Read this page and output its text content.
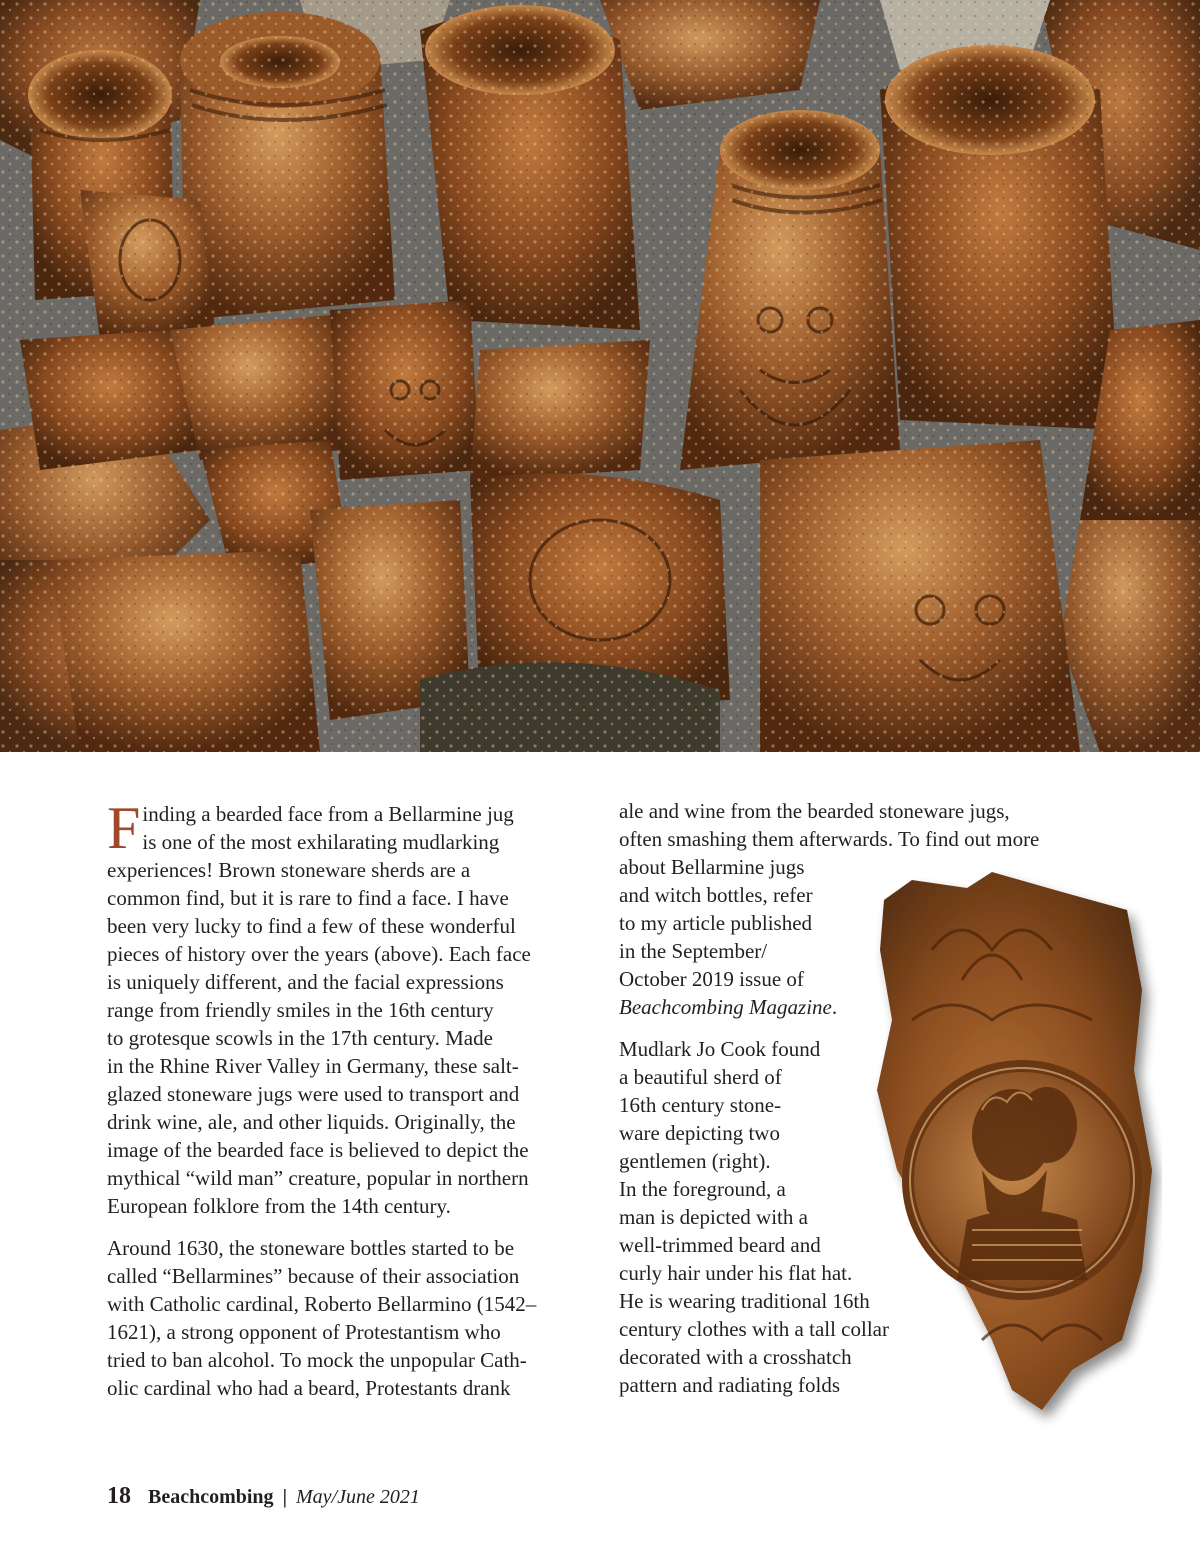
F inding a bearded face from a Bellarmine jug
is one of the most exhilarating mudlarking
experiences! Brown stoneware sherds are a
common find, but it is rare to find a face. I have
been very lucky to find a few of these wonderful
pieces of history over the years (above). Each face
is uniquely different, and the facial expressions
range from friendly smiles in the 16th century
to grotesque scowls in the 17th century. Made
in the Rhine River Valley in Germany, these salt-
glazed stoneware jugs were used to transport and
drink wine, ale, and other liquids. Originally, the
image of the bearded face is believed to depict the
mythical “wild man” creature, popular in northern
European folklore from the 14th century.

Around 1630, the stoneware bottles started to be
called “Bellarmines” because of their association
with Catholic cardinal, Roberto Bellarmino (1542–
1621), a strong opponent of Protestantism who
tried to ban alcohol. To mock the unpopular Cath-
olic cardinal who had a beard, Protestants drank

ale and wine from the bearded stoneware jugs,
often smashing them afterwards. To find out more
about Bellarmine jugs
and witch bottles, refer
to my article published
in the September/
October 2019 issue of
Beachcombing Magazine.

Mudlark Jo Cook found
a beautiful sherd of
16th century stone-
ware depicting two
gentlemen (right).
In the foreground, a
man is depicted with a
well-trimmed beard and
curly hair under his flat hat.
He is wearing traditional 16th
century clothes with a tall collar
decorated with a crosshatch
pattern and radiating folds

18 Beachcombing | May/June 2021
